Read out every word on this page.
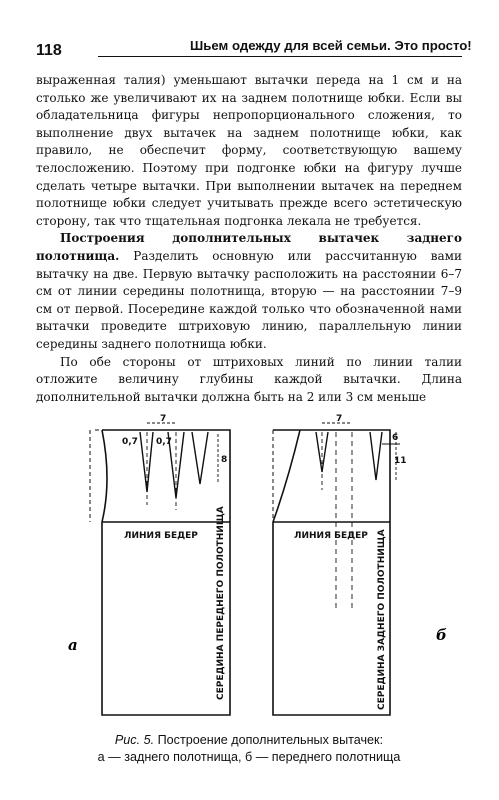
118	Шьем одежду для всей семьи. Это просто!

выраженная талия) уменьшают вытачки переда на 1 см и на столько же увеличивают их на заднем полотнище юбки. Если вы обладательница фигуры непропорционального сложения, то выполнение двух вытачек на заднем полотнище юбки, как правило, не обеспечит форму, соответствующую вашему телосложению. Поэтому при подгонке юбки на фигуру лучше сделать четыре вытачки. При выполнении вытачек на переднем полотнище юбки следует учитывать прежде всего эстетическую сторону, так что тщательная подгонка лекала не требуется.

Построения дополнительных вытачек заднего полотнища. Разделить основную или рассчитанную вами вытачку на две. Первую вытачку расположить на расстоянии 6–7 см от линии середины полотнища, вторую — на расстоянии 7–9 см от первой. Посередине каждой только что обозначенной нами вытачки проведите штриховую линию, параллельную линии середины заднего полотнища юбки.

По обе стороны от штриховых линий по линии талии отложите величину глубины каждой вытачки. Длина дополнительной вытачки должна быть на 2 или 3 см меньше

7
0,7 0,7
8
ЛИНИЯ БЕДЕР СЕРЕДИНА ПЕРЕДНЕГО ПОЛОТНИЩА
а
7
6
11
ЛИНИЯ БЕДЕР СЕРЕДИНА ЗАДНЕГО ПОЛОТНИЩА	б
Рис. 5. Построение дополнительных вытачек:
а — заднего полотнища, б — переднего полотнища
